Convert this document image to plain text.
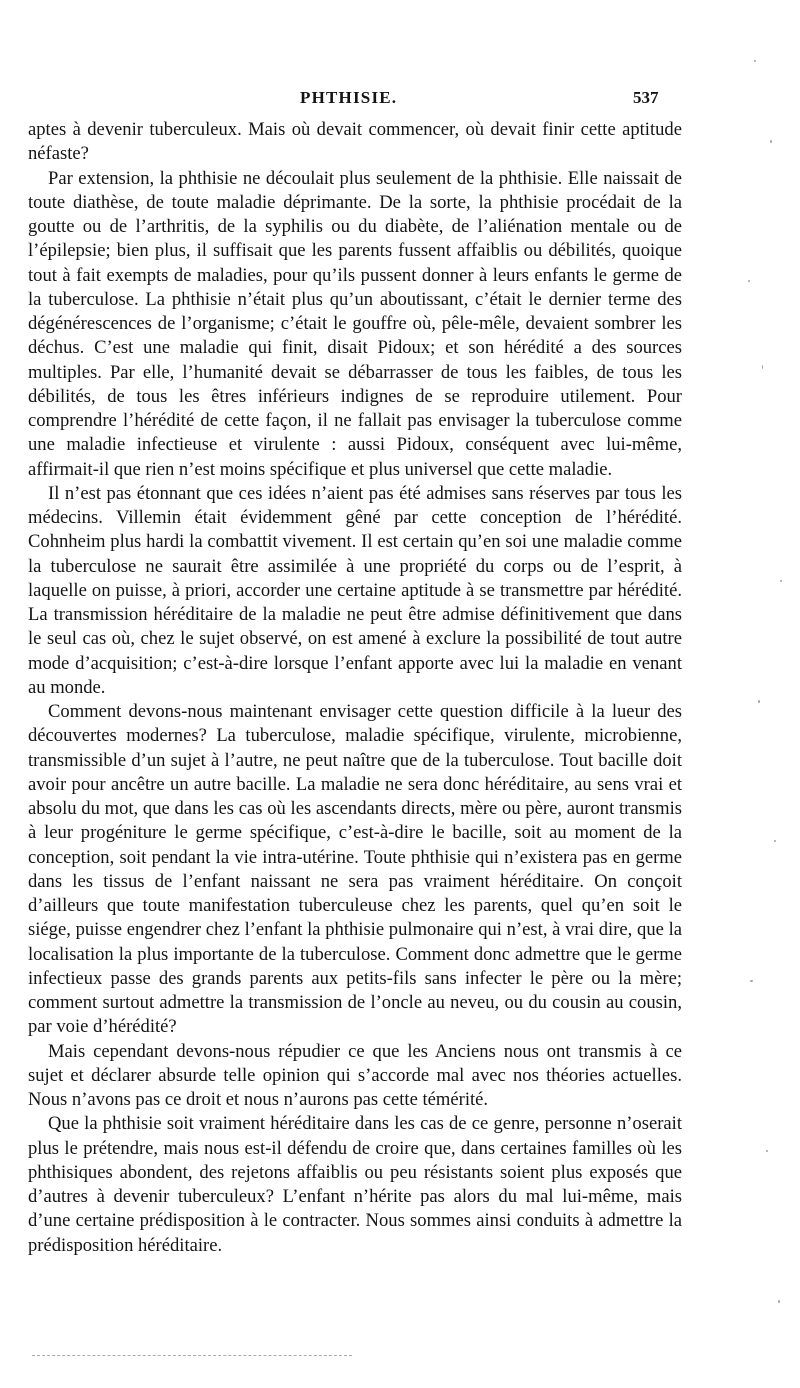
PHTHISIE.	537

aptes à devenir tuberculeux. Mais où devait commencer, où devait finir cette aptitude néfaste?

Par extension, la phthisie ne découlait plus seulement de la phthisie. Elle naissait de toute diathèse, de toute maladie déprimante. De la sorte, la phthisie procédait de la goutte ou de l’arthritis, de la syphilis ou du diabète, de l’aliénation mentale ou de l’épilepsie; bien plus, il suffisait que les parents fussent affaiblis ou débilités, quoique tout à fait exempts de maladies, pour qu’ils pussent donner à leurs enfants le germe de la tuberculose. La phthisie n’était plus qu’un aboutissant, c’était le dernier terme des dégénérescences de l’organisme; c’était le gouffre où, pêle-mêle, devaient sombrer les déchus. C’est une maladie qui finit, disait Pidoux; et son hérédité a des sources multiples. Par elle, l’humanité devait se débarrasser de tous les faibles, de tous les débilités, de tous les êtres inférieurs indignes de se reproduire utilement. Pour comprendre l’hérédité de cette façon, il ne fallait pas envisager la tuberculose comme une maladie infectieuse et virulente : aussi Pidoux, conséquent avec lui-même, affirmait-il que rien n’est moins spécifique et plus universel que cette maladie.

Il n’est pas étonnant que ces idées n’aient pas été admises sans réserves par tous les médecins. Villemin était évidemment gêné par cette conception de l’hérédité. Cohnheim plus hardi la combattit vivement. Il est certain qu’en soi une maladie comme la tuberculose ne saurait être assimilée à une propriété du corps ou de l’esprit, à laquelle on puisse, à priori, accorder une certaine aptitude à se transmettre par hérédité. La transmission héréditaire de la maladie ne peut être admise définitivement que dans le seul cas où, chez le sujet observé, on est amené à exclure la possibilité de tout autre mode d’acquisition; c’est-à-dire lorsque l’enfant apporte avec lui la maladie en venant au monde.

Comment devons-nous maintenant envisager cette question difficile à la lueur des découvertes modernes? La tuberculose, maladie spécifique, virulente, microbienne, transmissible d’un sujet à l’autre, ne peut naître que de la tuberculose. Tout bacille doit avoir pour ancêtre un autre bacille. La maladie ne sera donc héréditaire, au sens vrai et absolu du mot, que dans les cas où les ascendants directs, mère ou père, auront transmis à leur progéniture le germe spécifique, c’est-à-dire le bacille, soit au moment de la conception, soit pendant la vie intra-utérine. Toute phthisie qui n’existera pas en germe dans les tissus de l’enfant naissant ne sera pas vraiment héréditaire. On conçoit d’ailleurs que toute manifestation tuberculeuse chez les parents, quel qu’en soit le siége, puisse engendrer chez l’enfant la phthisie pulmonaire qui n’est, à vrai dire, que la localisation la plus importante de la tuberculose. Comment donc admettre que le germe infectieux passe des grands parents aux petits-fils sans infecter le père ou la mère; comment surtout admettre la transmission de l’oncle au neveu, ou du cousin au cousin, par voie d’hérédité?

Mais cependant devons-nous répudier ce que les Anciens nous ont transmis à ce sujet et déclarer absurde telle opinion qui s’accorde mal avec nos théories actuelles. Nous n’avons pas ce droit et nous n’aurons pas cette témérité.

Que la phthisie soit vraiment héréditaire dans les cas de ce genre, personne n’oserait plus le prétendre, mais nous est-il défendu de croire que, dans certaines familles où les phthisiques abondent, des rejetons affaiblis ou peu résistants soient plus exposés que d’autres à devenir tuberculeux? L’enfant n’hérite pas alors du mal lui-même, mais d’une certaine prédisposition à le contracter. Nous sommes ainsi conduits à admettre la prédisposition héréditaire.
